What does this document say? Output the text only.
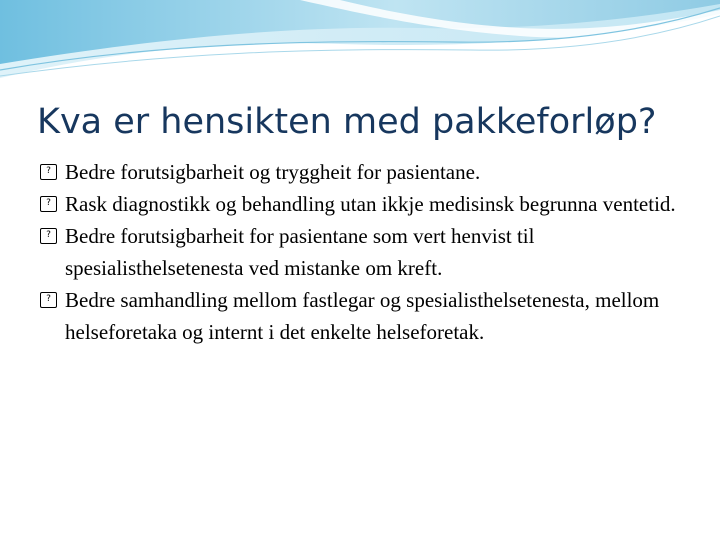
Kva er hensikten med pakkeforløp?
? Bedre forutsigbarheit og tryggheit for pasientane.
? Rask diagnostikk og behandling utan ikkje medisinsk begrunna ventetid.
? Bedre forutsigbarheit for pasientane som vert henvist til spesialisthelsetenesta ved mistanke om kreft.
? Bedre samhandling mellom fastlegar og spesialisthelsetenesta, mellom helseforetaka og internt i det enkelte helseforetak.
